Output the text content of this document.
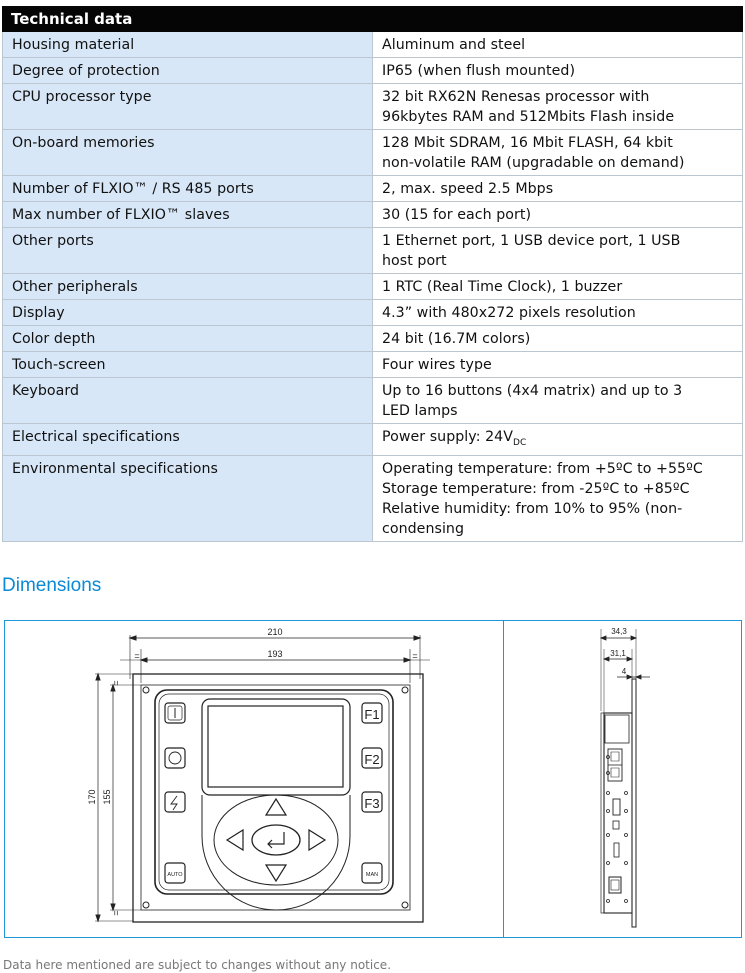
Technical data	
Housing material	Aluminum and steel
Degree of protection	IP65 (when flush mounted)
CPU processor type	32 bit RX62N Renesas processor with
96kbytes RAM and 512Mbits Flash inside
On-board memories	128 Mbit SDRAM, 16 Mbit FLASH, 64 kbit
non-volatile RAM (upgradable on demand)
Number of FLXIO™ / RS 485 ports	2, max. speed 2.5 Mbps
Max number of FLXIO™ slaves	30 (15 for each port)
Other ports	1 Ethernet port, 1 USB device port, 1 USB
host port
Other peripherals	1 RTC (Real Time Clock), 1 buzzer
Display	4.3” with 480x272 pixels resolution
Color depth	24 bit (16.7M colors)
Touch-screen	Four wires type
Keyboard	Up to 16 buttons (4x4 matrix) and up to 3
LED lamps
Electrical specifications	Power supply: $24V_{DC}$
Environmental specifications	Operating temperature: from +5ºC to +55ºC
Storage temperature: from -25ºC to +85ºC
Relative humidity: from 10% to 95% (non-
condensing
Dimensions
210
193
=	=
170 155
=
=
F1
F2
F3
AUTO	MAN
34,3
31,1
4
Data here mentioned are subject to changes without any notice.
